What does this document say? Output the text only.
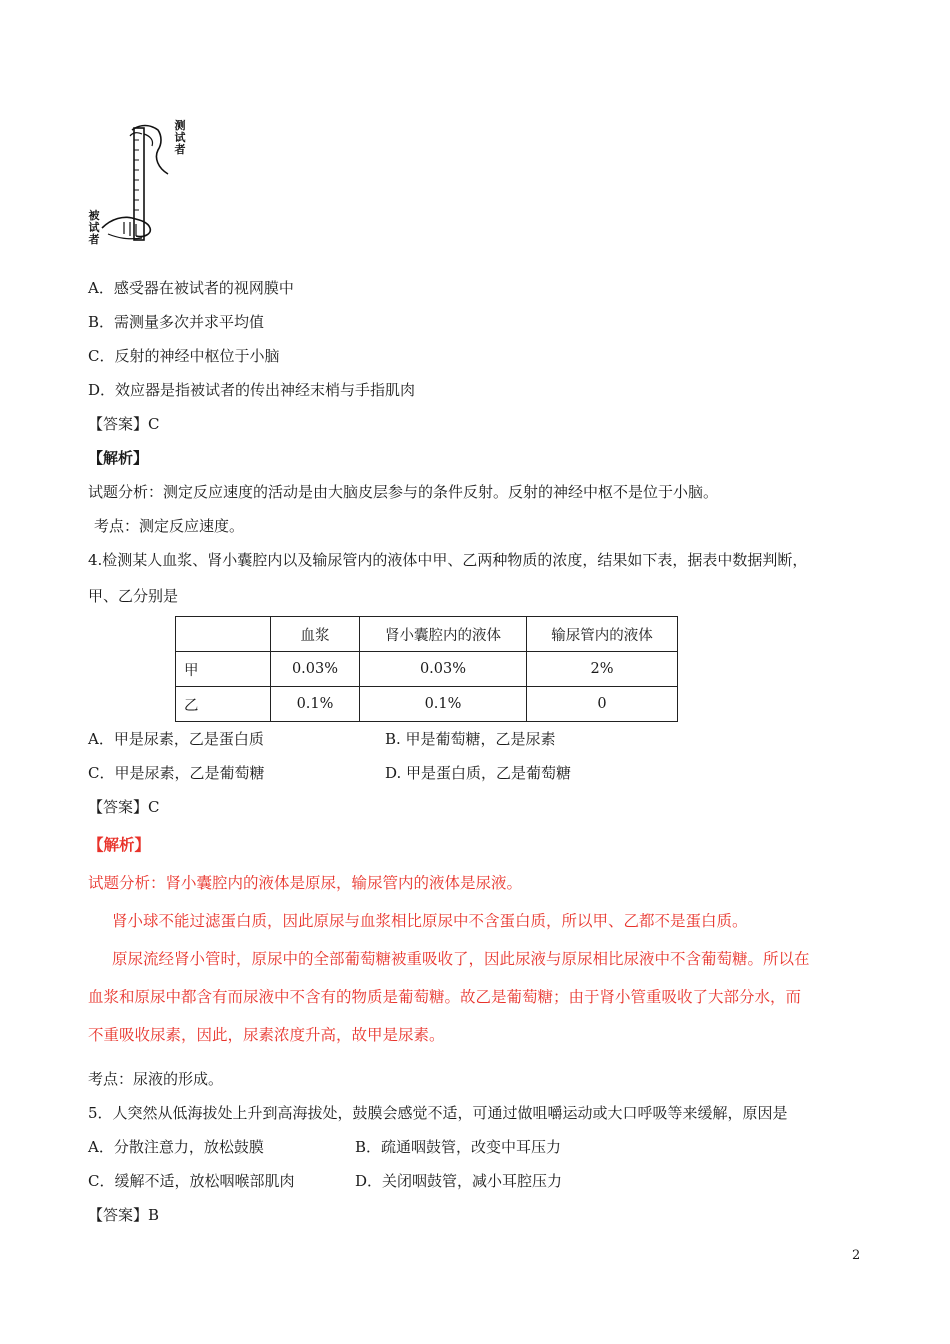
测
试
者
被
试
者
A．感受器在被试者的视网膜中
B．需测量多次并求平均值
C．反射的神经中枢位于小脑
D．效应器是指被试者的传出神经末梢与手指肌肉
【答案】C
【解析】
试题分析：测定反应速度的活动是由大脑皮层参与的条件反射。反射的神经中枢不是位于小脑。
考点：测定反应速度。
4.检测某人血浆、肾小囊腔内以及输尿管内的液体中甲、乙两种物质的浓度，结果如下表，据表中数据判断，
甲、乙分别是
	血浆	肾小囊腔内的液体	输尿管内的液体
甲	0.03%	0.03%	2%
乙	0.1%	0.1%	0
A．甲是尿素，乙是蛋白质	B. 甲是葡萄糖，乙是尿素
C．甲是尿素，乙是葡萄糖	D. 甲是蛋白质，乙是葡萄糖
【答案】C
【解析】
试题分析：肾小囊腔内的液体是原尿，输尿管内的液体是尿液。
肾小球不能过滤蛋白质，因此原尿与血浆相比原尿中不含蛋白质，所以甲、乙都不是蛋白质。
原尿流经肾小管时，原尿中的全部葡萄糖被重吸收了，因此尿液与原尿相比尿液中不含葡萄糖。所以在
血浆和原尿中都含有而尿液中不含有的物质是葡萄糖。故乙是葡萄糖；由于肾小管重吸收了大部分水，而
不重吸收尿素，因此，尿素浓度升高，故甲是尿素。
考点：尿液的形成。
5．人突然从低海拔处上升到高海拔处，鼓膜会感觉不适，可通过做咀嚼运动或大口呼吸等来缓解，原因是
A．分散注意力，放松鼓膜	B．疏通咽鼓管，改变中耳压力
C．缓解不适，放松咽喉部肌肉	D．关闭咽鼓管，减小耳腔压力
【答案】B
2
